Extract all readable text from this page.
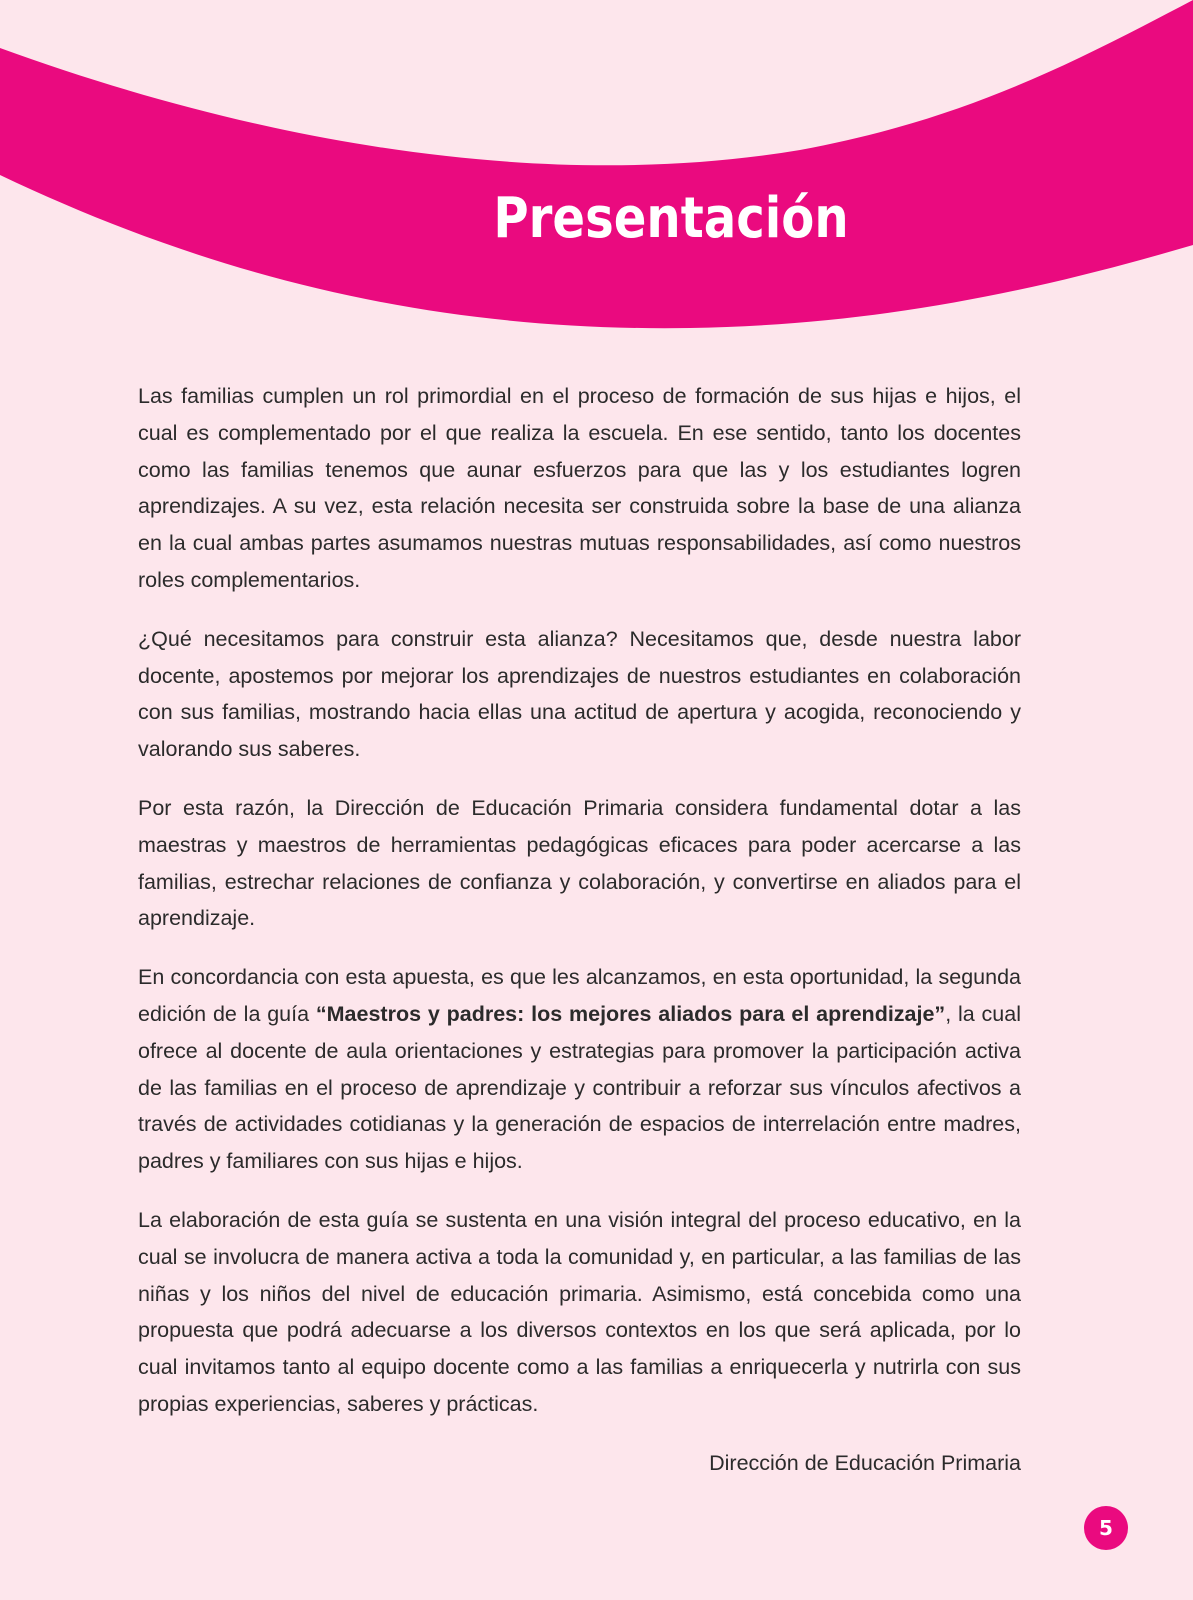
Presentación

Las familias cumplen un rol primordial en el proceso de formación de sus hijas e hijos, el cual es complementado por el que realiza la escuela. En ese sentido, tanto los docentes como las familias tenemos que aunar esfuerzos para que las y los estudiantes logren aprendizajes. A su vez, esta relación necesita ser construida sobre la base de una alianza en la cual ambas partes asumamos nuestras mutuas responsabilidades, así como nuestros roles complementarios.

¿Qué necesitamos para construir esta alianza? Necesitamos que, desde nuestra labor docente, apostemos por mejorar los aprendizajes de nuestros estudiantes en colaboración con sus familias, mostrando hacia ellas una actitud de apertura y acogida, reconociendo y valorando sus saberes.

Por esta razón, la Dirección de Educación Primaria considera fundamental dotar a las maestras y maestros de herramientas pedagógicas eficaces para poder acercarse a las familias, estrechar relaciones de confianza y colaboración, y convertirse en aliados para el aprendizaje.

En concordancia con esta apuesta, es que les alcanzamos, en esta oportunidad, la segunda edición de la guía “Maestros y padres: los mejores aliados para el aprendizaje”, la cual ofrece al docente de aula orientaciones y estrategias para promover la participación activa de las familias en el proceso de aprendizaje y contribuir a reforzar sus vínculos afectivos a través de actividades cotidianas y la generación de espacios de interrelación entre madres, padres y familiares con sus hijas e hijos.

La elaboración de esta guía se sustenta en una visión integral del proceso educativo, en la cual se involucra de manera activa a toda la comunidad y, en particular, a las familias de las niñas y los niños del nivel de educación primaria. Asimismo, está concebida como una propuesta que podrá adecuarse a los diversos contextos en los que será aplicada, por lo cual invitamos tanto al equipo docente como a las familias a enriquecerla y nutrirla con sus propias experiencias, saberes y prácticas.

Dirección de Educación Primaria
5
